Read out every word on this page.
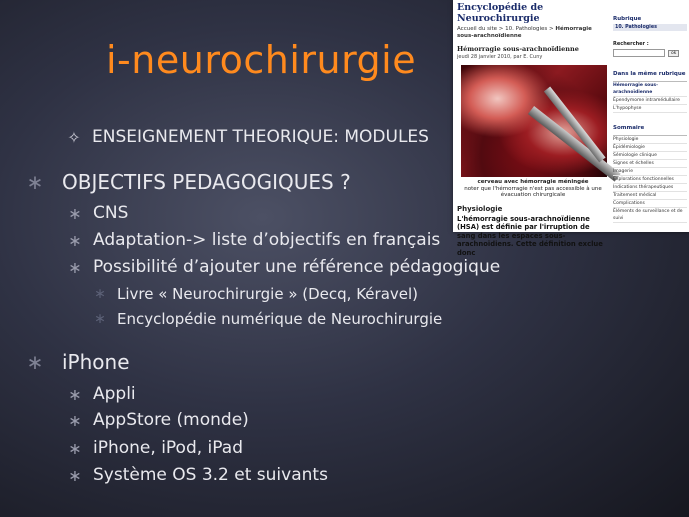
i-neurochirurgie
✧ ENSEIGNEMENT THEORIQUE: MODULES
∗ OBJECTIFS PEDAGOGIQUES ?
∗ CNS
∗ Adaptation-> liste d’objectifs en français
∗ Possibilité d’ajouter une référence pédagogique
∗ Livre « Neurochirurgie » (Decq, Kéravel)
∗ Encyclopédie numérique de Neurochirurgie
∗ iPhone
∗ Appli
∗ AppStore (monde)
∗ iPhone, iPod, iPad
∗ Système OS 3.2 et suivants
Encyclopédie de Neurochirurgie
Accueil du site > 10. Pathologies > Hémorragie sous-arachnoïdienne
Hémorragie sous-arachnoïdienne
jeudi 28 janvier 2010, par E. Cuny
cerveau avec hémorragie méningée
noter que l'hémorragie n'est pas accessible à une évacuation chirurgicale
Physiologie
L'hémorragie sous-arachnoïdienne (HSA) est définie par l'irruption de sang dans les espaces sous-arachnoïdiens. Cette définition exclue donc
Rubrique
10. Pathologies
Rechercher :
ok
Dans la même rubrique
Hémorragie sous-arachnoïdienne
Épendymome intramédullaire
L'hypophyse
Sommaire
Physiologie
Épidémiologie
Sémiologie clinique
Signes et échelles
Imagerie
Explorations fonctionnelles
Indications thérapeutiques
Traitement médical
Complications
Éléments de surveillance et de suivi
